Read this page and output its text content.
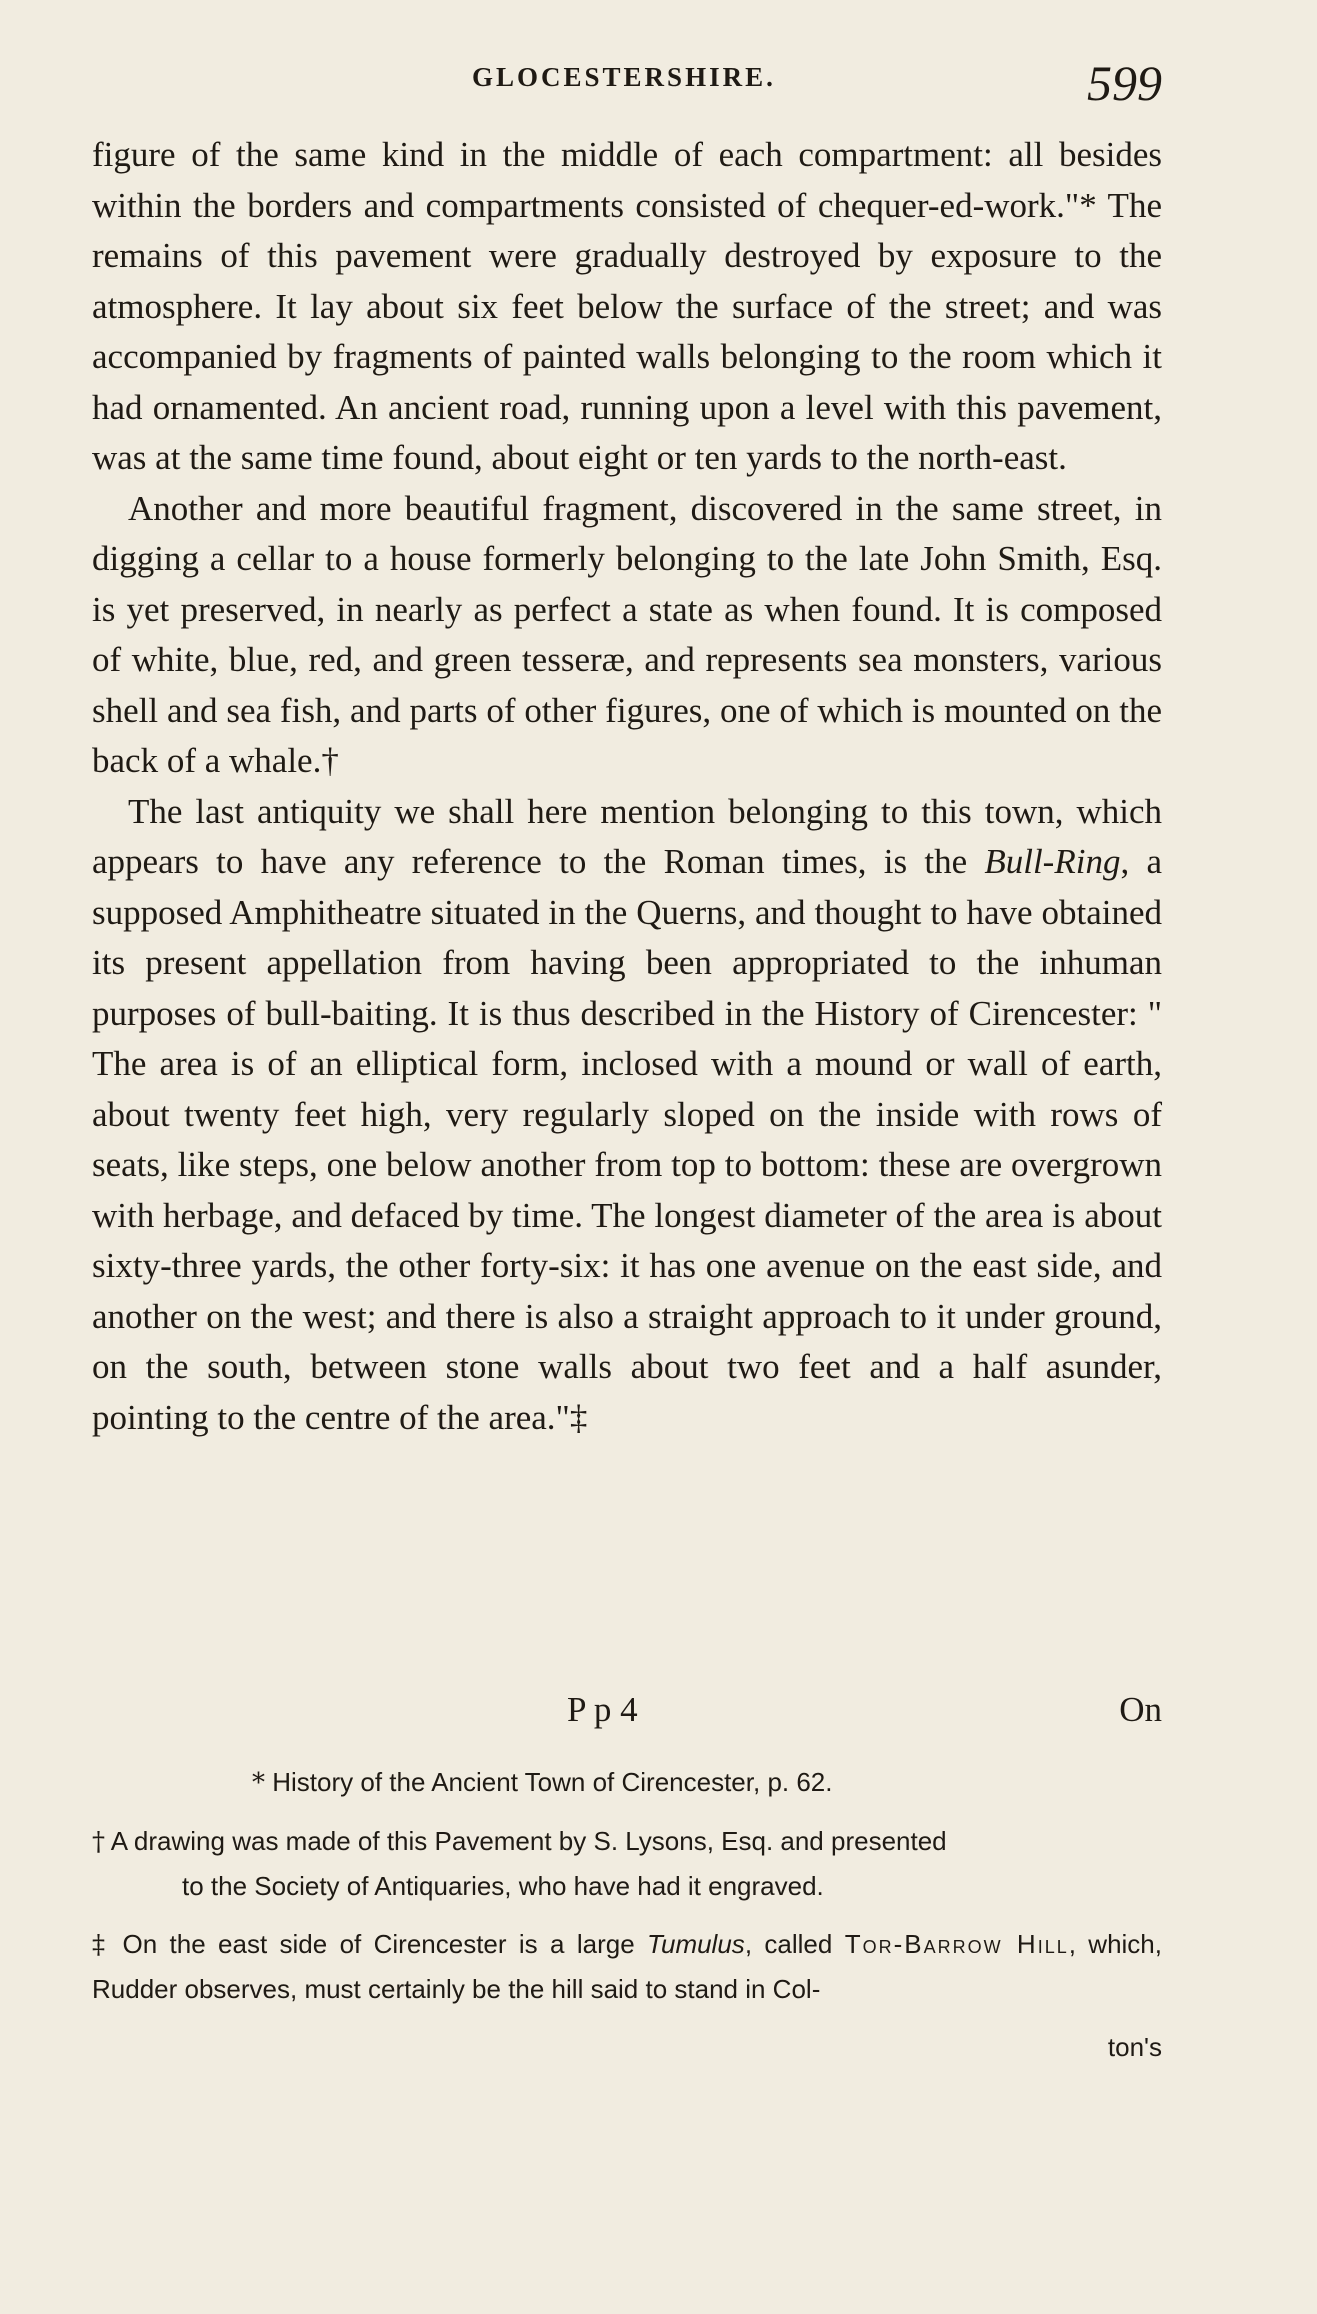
GLOCESTERSHIRE.	599

figure of the same kind in the middle of each compartment: all besides within the borders and compartments consisted of chequer-ed-work."* The remains of this pavement were gradually destroyed by exposure to the atmosphere. It lay about six feet below the surface of the street; and was accompanied by fragments of painted walls belonging to the room which it had ornamented. An ancient road, running upon a level with this pavement, was at the same time found, about eight or ten yards to the north-east.

Another and more beautiful fragment, discovered in the same street, in digging a cellar to a house formerly belonging to the late John Smith, Esq. is yet preserved, in nearly as perfect a state as when found. It is composed of white, blue, red, and green tesseræ, and represents sea monsters, various shell and sea fish, and parts of other figures, one of which is mounted on the back of a whale.†

The last antiquity we shall here mention belonging to this town, which appears to have any reference to the Roman times, is the Bull-Ring, a supposed Amphitheatre situated in the Querns, and thought to have obtained its present appellation from having been appropriated to the inhuman purposes of bull-baiting. It is thus described in the History of Cirencester: " The area is of an elliptical form, inclosed with a mound or wall of earth, about twenty feet high, very regularly sloped on the inside with rows of seats, like steps, one below another from top to bottom: these are overgrown with herbage, and defaced by time. The longest diameter of the area is about sixty-three yards, the other forty-six: it has one avenue on the east side, and another on the west; and there is also a straight approach to it under ground, on the south, between stone walls about two feet and a half asunder, pointing to the centre of the area."‡

P p 4	On

* History of the Ancient Town of Cirencester, p. 62.

† A drawing was made of this Pavement by S. Lysons, Esq. and presented
to the Society of Antiquaries, who have had it engraved.

‡ On the east side of Cirencester is a large Tumulus, called Tor-Barrow Hill, which, Rudder observes, must certainly be the hill said to stand in Col-

ton's
